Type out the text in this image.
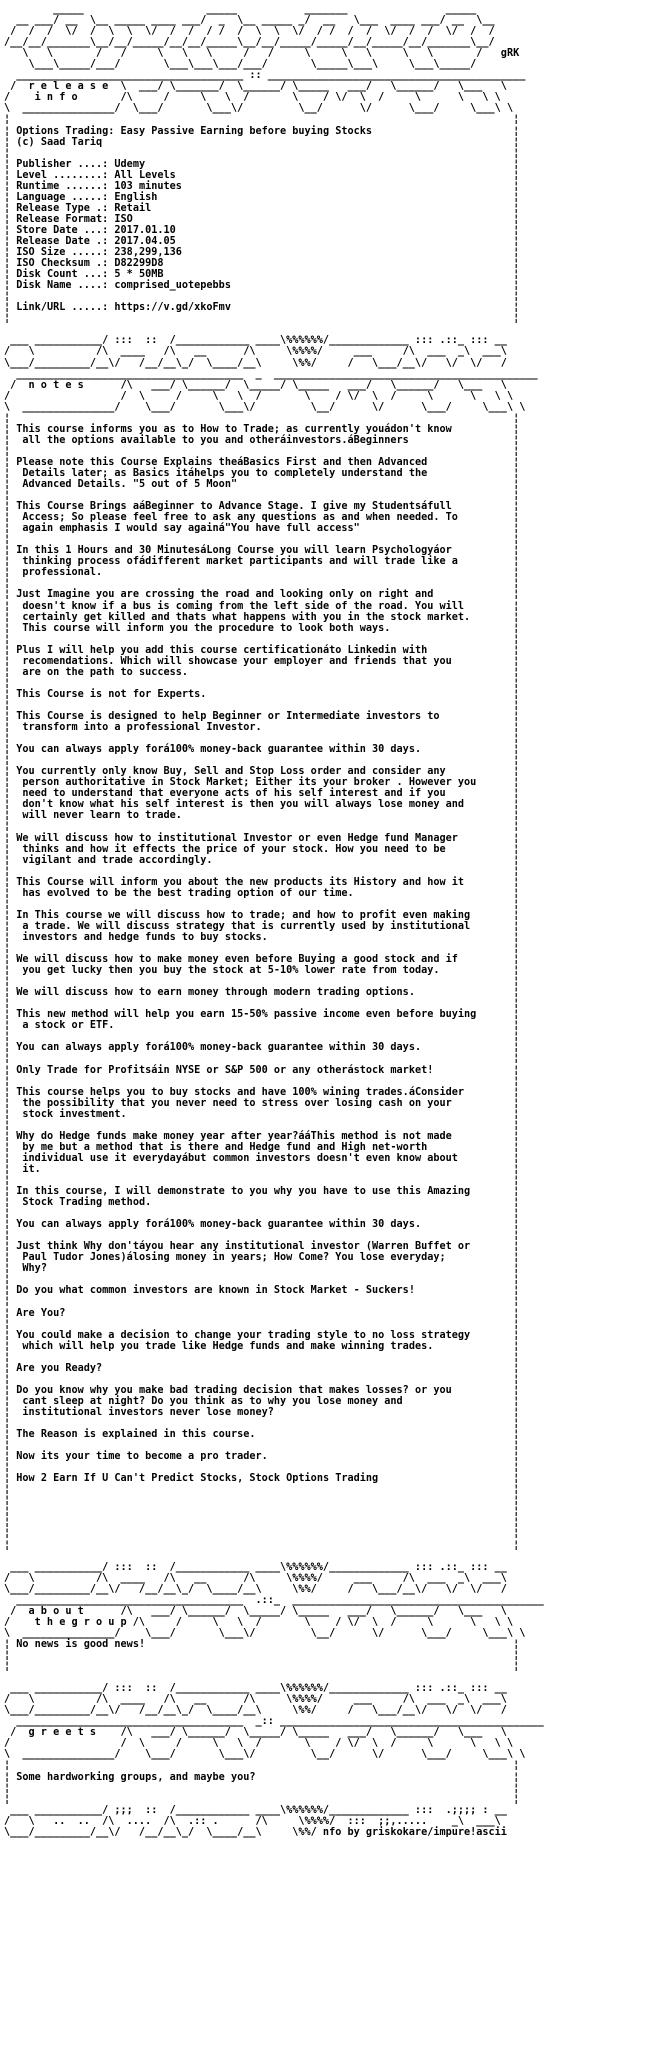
_____                    _____           _______                _____
__ ___/ __  \__ _____ ____ ___/  _  \__ _____ _/  __   \___  ____ ___/ __  \__
/  /  /  \/  /  \  \  \/  /  /  / /  /  \  \  \/  / /  /  /  \/  /  /  \/  /  /
/__/__/_______\__/__/_____/__/__/_____\__/__/_____/_____/__/_____/__/_______\__/
\   \       /   /     \   \   \     /   /     \     \   \     \   \       /   gRK
\___\_____/___/       \___\___\___/___/       \_____\___\     \___\_____/
_____________________________________ :: __________________________________________
/  r e l e a s e  \  ___/ \_______/  \______/ \_____   ___/   \______/   \___   \
/    i n f o       /\     /     \   \  /       \    / \/  \  /     \      \   \ \
\  _______________/  \___/       \___\/         \__/      \/      \___/     \___\ \
¦                                                                                  ¦
¦ Options Trading: Easy Passive Earning before buying Stocks                       ¦
¦ (c) Saad Tariq                                                                   ¦
¦                                                                                  ¦
¦ Publisher ....: Udemy                                                            ¦
¦ Level ........: All Levels                                                       ¦
¦ Runtime ......: 103 minutes                                                      ¦
¦ Language .....: English                                                          ¦
¦ Release Type .: Retail                                                           ¦
¦ Release Format: ISO                                                              ¦
¦ Store Date ...: 2017.01.10                                                       ¦
¦ Release Date .: 2017.04.05                                                       ¦
¦ ISO Size .....: 238,299,136                                                      ¦
¦ ISO Checksum .: D82299D8                                                         ¦
¦ Disk Count ...: 5 * 50MB                                                         ¦
¦ Disk Name ....: comprised_uotepebbs                                              ¦
¦                                                                                  ¦
¦ Link/URL .....: https://v.gd/xkoFmv                                              ¦
¦                                                                                  ¦

___ ___________/ :::  ::  /____________ ____\%%%%%%/_____________ ::: .::_ ::: __
/   \          /\  ____   /\   __      /\     \%%%%/     ___     /\  ___  _\  ___\
\___/_________/__\/   /__/__\_/  \____/__\     \%%/     /   \___/__\/   \/  \/   /
_____________________________________  _  ___________________________________________
/  n o t e s      /\   ___/ \______/  \_____/ \_____   ___/   \______/   \___   \
/                  /  \     /     \   \  /       \    / \/  \  /     \      \   \ \
\  _______________/    \___/       \___\/         \__/      \/      \___/     \___\ \
¦                                                                                  ¦
¦ This course informs you as to How to Trade; as currently youádon't know          ¦
¦  all the options available to you and otheráinvestors.áBeginners                 ¦
¦                                                                                  ¦
¦ Please note this Course Explains theáBasics First and then Advanced              ¦
¦  Details later; as Basics itáhelps you to completely understand the              ¦
¦  Advanced Details. "5 out of 5 Moon"                                             ¦
¦                                                                                  ¦
¦ This Course Brings aáBeginner to Advance Stage. I give my Studentsáfull          ¦
¦  Access; So please feel free to ask any questions as and when needed. To         ¦
¦  again emphasis I would say againá"You have full access"                         ¦
¦                                                                                  ¦
¦ In this 1 Hours and 30 MinutesáLong Course you will learn Psychologyáor          ¦
¦  thinking process ofádifferent market participants and will trade like a         ¦
¦  professional.                                                                   ¦
¦                                                                                  ¦
¦ Just Imagine you are crossing the road and looking only on right and             ¦
¦  doesn't know if a bus is coming from the left side of the road. You will        ¦
¦  certainly get killed and thats what happens with you in the stock market.       ¦
¦  This course will inform you the procedure to look both ways.                    ¦
¦                                                                                  ¦
¦ Plus I will help you add this course certificationáto Linkedin with              ¦
¦  recomendations. Which will showcase your employer and friends that you          ¦
¦  are on the path to success.                                                     ¦
¦                                                                                  ¦
¦ This Course is not for Experts.                                                  ¦
¦                                                                                  ¦
¦ This Course is designed to help Beginner or Intermediate investors to            ¦
¦  transform into a professional Investor.                                         ¦
¦                                                                                  ¦
¦ You can always apply forá100% money-back guarantee within 30 days.               ¦
¦                                                                                  ¦
¦ You currently only know Buy, Sell and Stop Loss order and consider any           ¦
¦  person authoritative in Stock Market; Either its your broker . However you      ¦
¦  need to understand that everyone acts of his self interest and if you           ¦
¦  don't know what his self interest is then you will always lose money and        ¦
¦  will never learn to trade.                                                      ¦
¦                                                                                  ¦
¦ We will discuss how to institutional Investor or even Hedge fund Manager         ¦
¦  thinks and how it effects the price of your stock. How you need to be           ¦
¦  vigilant and trade accordingly.                                                 ¦
¦                                                                                  ¦
¦ This Course will inform you about the new products its History and how it        ¦
¦  has evolved to be the best trading option of our time.                          ¦
¦                                                                                  ¦
¦ In This course we will discuss how to trade; and how to profit even making       ¦
¦  a trade. We will discuss strategy that is currently used by institutional       ¦
¦  investors and hedge funds to buy stocks.                                        ¦
¦                                                                                  ¦
¦ We will discuss how to make money even before Buying a good stock and if         ¦
¦  you get lucky then you buy the stock at 5-10% lower rate from today.            ¦
¦                                                                                  ¦
¦ We will discuss how to earn money through modern trading options.                ¦
¦                                                                                  ¦
¦ This new method will help you earn 15-50% passive income even before buying      ¦
¦  a stock or ETF.                                                                 ¦
¦                                                                                  ¦
¦ You can always apply forá100% money-back guarantee within 30 days.               ¦
¦                                                                                  ¦
¦ Only Trade for Profitsáin NYSE or S&P 500 or any otherástock market!             ¦
¦                                                                                  ¦
¦ This course helps you to buy stocks and have 100% wining trades.áConsider        ¦
¦  the possibility that you never need to stress over losing cash on your          ¦
¦  stock investment.                                                               ¦
¦                                                                                  ¦
¦ Why do Hedge funds make money year after year?ááThis method is not made          ¦
¦  by me but a method that is there and Hedge fund and High net-worth              ¦
¦  individual use it everydayábut common investors doesn't even know about         ¦
¦  it.                                                                             ¦
¦                                                                                  ¦
¦ In this course, I will demonstrate to you why you have to use this Amazing       ¦
¦  Stock Trading method.                                                           ¦
¦                                                                                  ¦
¦ You can always apply forá100% money-back guarantee within 30 days.               ¦
¦                                                                                  ¦
¦ Just think Why don'táyou hear any institutional investor (Warren Buffet or       ¦
¦  Paul Tudor Jones)álosing money in years; How Come? You lose everyday;           ¦
¦  Why?                                                                            ¦
¦                                                                                  ¦
¦ Do you what common investors are known in Stock Market - Suckers!                ¦
¦                                                                                  ¦
¦ Are You?                                                                         ¦
¦                                                                                  ¦
¦ You could make a decision to change your trading style to no loss strategy       ¦
¦  which will help you trade like Hedge funds and make winning trades.             ¦
¦                                                                                  ¦
¦ Are you Ready?                                                                   ¦
¦                                                                                  ¦
¦ Do you know why you make bad trading decision that makes losses? or you          ¦
¦  cant sleep at night? Do you think as to why you lose money and                  ¦
¦  institutional investors never lose money?                                       ¦
¦                                                                                  ¦
¦ The Reason is explained in this course.                                          ¦
¦                                                                                  ¦
¦ Now its your time to become a pro trader.                                        ¦
¦                                                                                  ¦
¦ How 2 Earn If U Can't Predict Stocks, Stock Options Trading                      ¦
¦                                                                                  ¦
¦                                                                                  ¦
¦                                                                                  ¦
¦                                                                                  ¦
¦                                                                                  ¦
¦                                                                                  ¦

___ ___________/ :::  ::  /____________ ____\%%%%%%/_____________ ::: .::_ ::: __
/   \          /\  ____   /\   __      /\     \%%%%/     ___     /\  ___  _\  ___\
\___/_________/__\/   /__/__\_/  \____/__\     \%%/     /   \___/__\/   \/  \/   /
_____________________________________  .::_  _________________________________________
/  a b o u t      /\   ___/ \______/  \_____/ \_____   ___/   \______/   \___   \
/    t h e g r o u p /\     /     \   \  /       \    / \/  \  /     \      \   \ \
\  _______________/    \___/       \___\/         \__/      \/      \___/     \___\ \
¦ No news is good news!                                                            ¦
¦                                                                                  ¦
¦                                                                                  ¦

___ ___________/ :::  ::  /____________ ____\%%%%%%/_____________ ::: .::_ ::: __
/   \          /\  ____   /\   __      /\     \%%%%/     ___     /\  ___  _\  ___\
\___/_________/__\/   /__/__\_/  \____/__\     \%%/     /   \___/__\/   \/  \/   /
_____________________________________  _:: ___________________________________________
/  g r e e t s    /\   ___/ \______/  \_____/ \_____   ___/   \______/   \___   \
/                  /  \     /     \   \  /       \    / \/  \  /     \      \   \ \
\  _______________/    \___/       \___\/         \__/      \/      \___/     \___\ \
¦                                                                                  ¦
¦ Some hardworking groups, and maybe you?                                          ¦
¦                                                                                  ¦
¦                                                                                  ¦
___ ___________/ ;;;  ::  /____________ ____\%%%%%%/_____________ :::  .;;;; : __
/   \   ..  ..  /\  ....  /\  .:: .      /\     \%%%%/  :::  ;;,.....    _\  ___\
\___/_________/__\/   /__/__\_/  \____/__\     \%%/ nfo by griskokare/impure!ascii
